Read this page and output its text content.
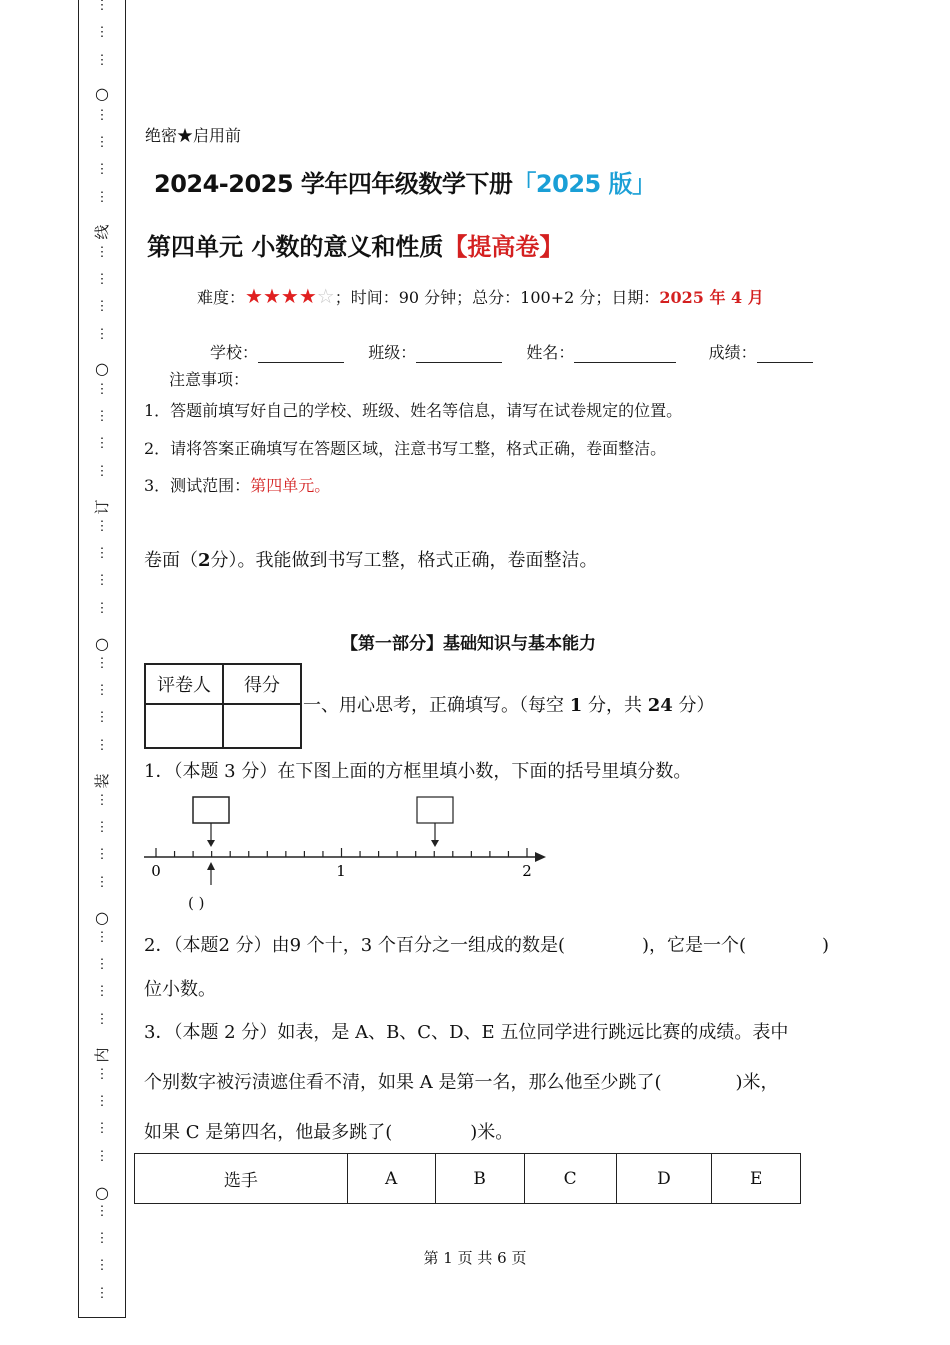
⋮
⋮
⋮
⋮
⋮
⋮
⋮
⋮
⋮
⋮
⋮
⋮
⋮
⋮
⋮
⋮
⋮
⋮
⋮
⋮
⋮
⋮
⋮
⋮
⋮
⋮
⋮
⋮
⋮
⋮
⋮
⋮
⋮
⋮
⋮
⋮
⋮
⋮
⋮
○
○
○
○
○
线
订
装
内
绝密★启用前
2024-2025 学年四年级数学下册「2025 版」
第四单元 小数的意义和性质【提高卷】
难度：★★★★☆；时间：90 分钟；总分：100+2 分；日期：2025 年 4 月
学校：	班级：	姓名：	成绩：
注意事项：
1．答题前填写好自己的学校、班级、姓名等信息，请写在试卷规定的位置。
2．请将答案正确填写在答题区域，注意书写工整，格式正确，卷面整洁。
3．测试范围：第四单元。
卷面（2分）。我能做到书写工整，格式正确，卷面整洁。
【第一部分】基础知识与基本能力
评卷人	得分

一、用心思考，正确填写。（每空 1 分，共 24 分）
1．（本题 3 分）在下图上面的方框里填小数，下面的括号里填分数。
0	1	2
( )
2．（本题2 分）由9 个十，3 个百分之一组成的数是(	)，它是一个(	)
位小数。
3．（本题 2 分）如表，是 A、B、C、D、E 五位同学进行跳远比赛的成绩。表中
个别数字被污渍遮住看不清，如果 A 是第一名，那么他至少跳了(	)米，
如果 C 是第四名，他最多跳了(	)米。
选手	A	B	C	D	E
第 1 页 共 6 页
